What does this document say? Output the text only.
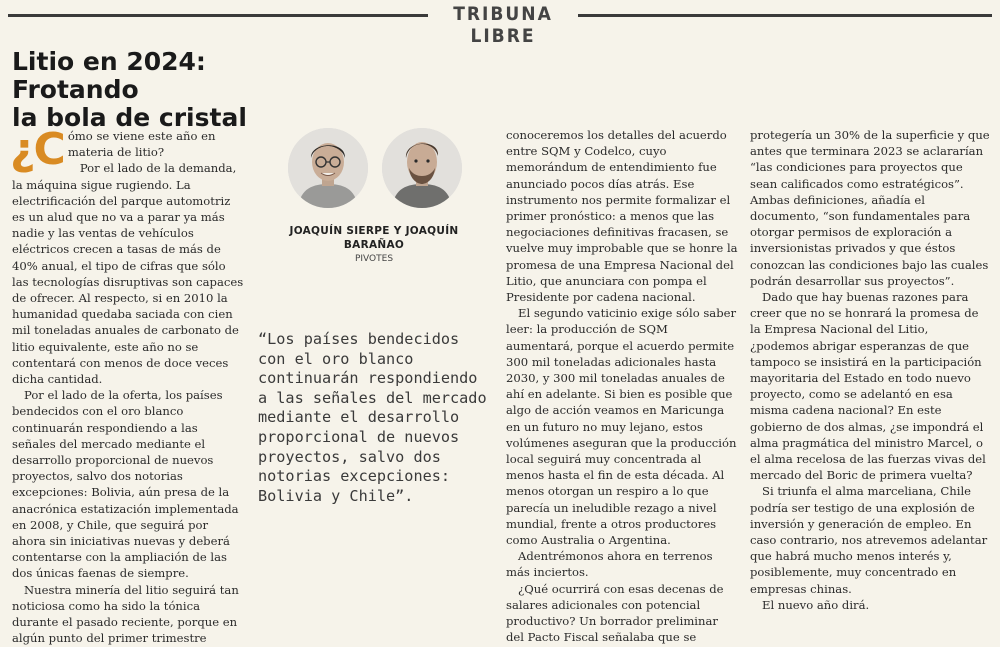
TRIBUNA LIBRE
Litio en 2024: Frotando
la bola de cristal

¿C ómo se viene este año en materia de litio?

Por el lado de la demanda, la máquina sigue rugiendo. La electrificación del parque automotriz es un alud que no va a parar ya más nadie y las ventas de vehículos eléctricos crecen a tasas de más de 40% anual, el tipo de cifras que sólo las tecnologías disruptivas son capaces de ofrecer. Al respecto, si en 2010 la humanidad quedaba saciada con cien mil toneladas anuales de carbonato de litio equivalente, este año no se contentará con menos de doce veces dicha cantidad.

Por el lado de la oferta, los países bendecidos con el oro blanco continuarán respondiendo a las señales del mercado mediante el desarrollo proporcional de nuevos proyectos, salvo dos notorias excepciones: Bolivia, aún presa de la anacrónica estatización implementada en 2008, y Chile, que seguirá por ahora sin iniciativas nuevas y deberá contentarse con la ampliación de las dos únicas faenas de siempre.

Nuestra minería del litio seguirá tan noticiosa como ha sido la tónica durante el pasado reciente, porque en algún punto del primer trimestre

JOAQUÍN SIERPE Y JOAQUÍN
BARAÑAO
PIVOTES

“Los países bendecidos con el oro blanco continuarán respondiendo a las señales del mercado mediante el desarrollo proporcional de nuevos proyectos, salvo dos notorias excepciones: Bolivia y Chile”.

conoceremos los detalles del acuerdo entre SQM y Codelco, cuyo memorándum de entendimiento fue anunciado pocos días atrás. Ese instrumento nos permite formalizar el primer pronóstico: a menos que las negociaciones definitivas fracasen, se vuelve muy improbable que se honre la promesa de una Empresa Nacional del Litio, que anunciara con pompa el Presidente por cadena nacional.

El segundo vaticinio exige sólo saber leer: la producción de SQM aumentará, porque el acuerdo permite 300 mil toneladas adicionales hasta 2030, y 300 mil toneladas anuales de ahí en adelante. Si bien es posible que algo de acción veamos en Maricunga en un futuro no muy lejano, estos volúmenes aseguran que la producción local seguirá muy concentrada al menos hasta el fin de esta década. Al menos otorgan un respiro a lo que parecía un ineludible rezago a nivel mundial, frente a otros productores como Australia o Argentina.

Adentrémonos ahora en terrenos más inciertos.

¿Qué ocurrirá con esas decenas de salares adicionales con potencial productivo? Un borrador preliminar del Pacto Fiscal señalaba que se

protegería un 30% de la superficie y que antes que terminara 2023 se aclararían “las condiciones para proyectos que sean calificados como estratégicos”. Ambas definiciones, añadía el documento, “son fundamentales para otorgar permisos de exploración a inversionistas privados y que éstos conozcan las condiciones bajo las cuales podrán desarrollar sus proyectos”.

Dado que hay buenas razones para creer que no se honrará la promesa de la Empresa Nacional del Litio, ¿podemos abrigar esperanzas de que tampoco se insistirá en la participación mayoritaria del Estado en todo nuevo proyecto, como se adelantó en esa misma cadena nacional? En este gobierno de dos almas, ¿se impondrá el alma pragmática del ministro Marcel, o el alma recelosa de las fuerzas vivas del mercado del Boric de primera vuelta?

Si triunfa el alma marceliana, Chile podría ser testigo de una explosión de inversión y generación de empleo. En caso contrario, nos atrevemos adelantar que habrá mucho menos interés y, posiblemente, muy concentrado en empresas chinas.

El nuevo año dirá.
